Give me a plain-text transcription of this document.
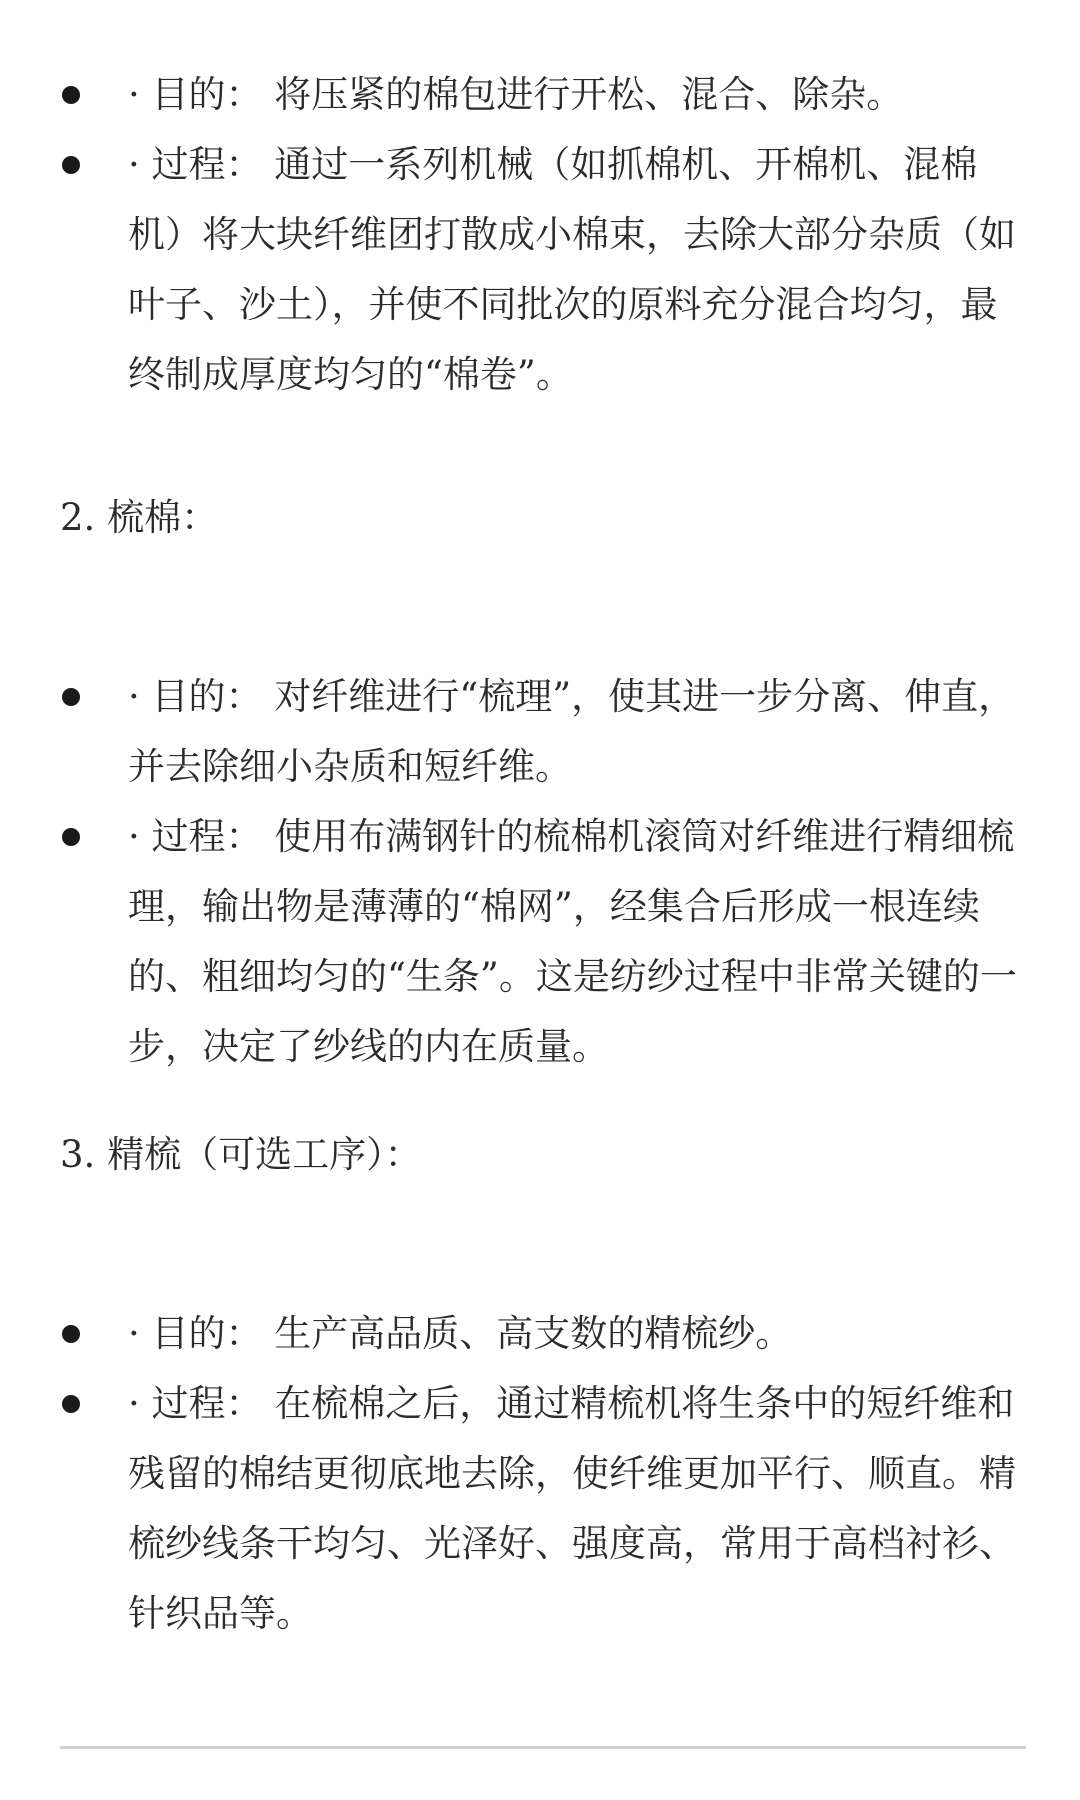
· 目的： 将压紧的棉包进行开松、混合、除杂。
· 过程： 通过一系列机械（如抓棉机、开棉机、混棉机）将大块纤维团打散成小棉束，去除大部分杂质（如叶子、沙土），并使不同批次的原料充分混合均匀，最终制成厚度均匀的“棉卷”。

2. 梳棉：

· 目的： 对纤维进行“梳理”，使其进一步分离、伸直，并去除细小杂质和短纤维。
· 过程： 使用布满钢针的梳棉机滚筒对纤维进行精细梳理，输出物是薄薄的“棉网”，经集合后形成一根连续的、粗细均匀的“生条”。这是纺纱过程中非常关键的一步，决定了纱线的内在质量。

3. 精梳（可选工序）：

· 目的： 生产高品质、高支数的精梳纱。
· 过程： 在梳棉之后，通过精梳机将生条中的短纤维和残留的棉结更彻底地去除，使纤维更加平行、顺直。精梳纱线条干均匀、光泽好、强度高，常用于高档衬衫、针织品等。
